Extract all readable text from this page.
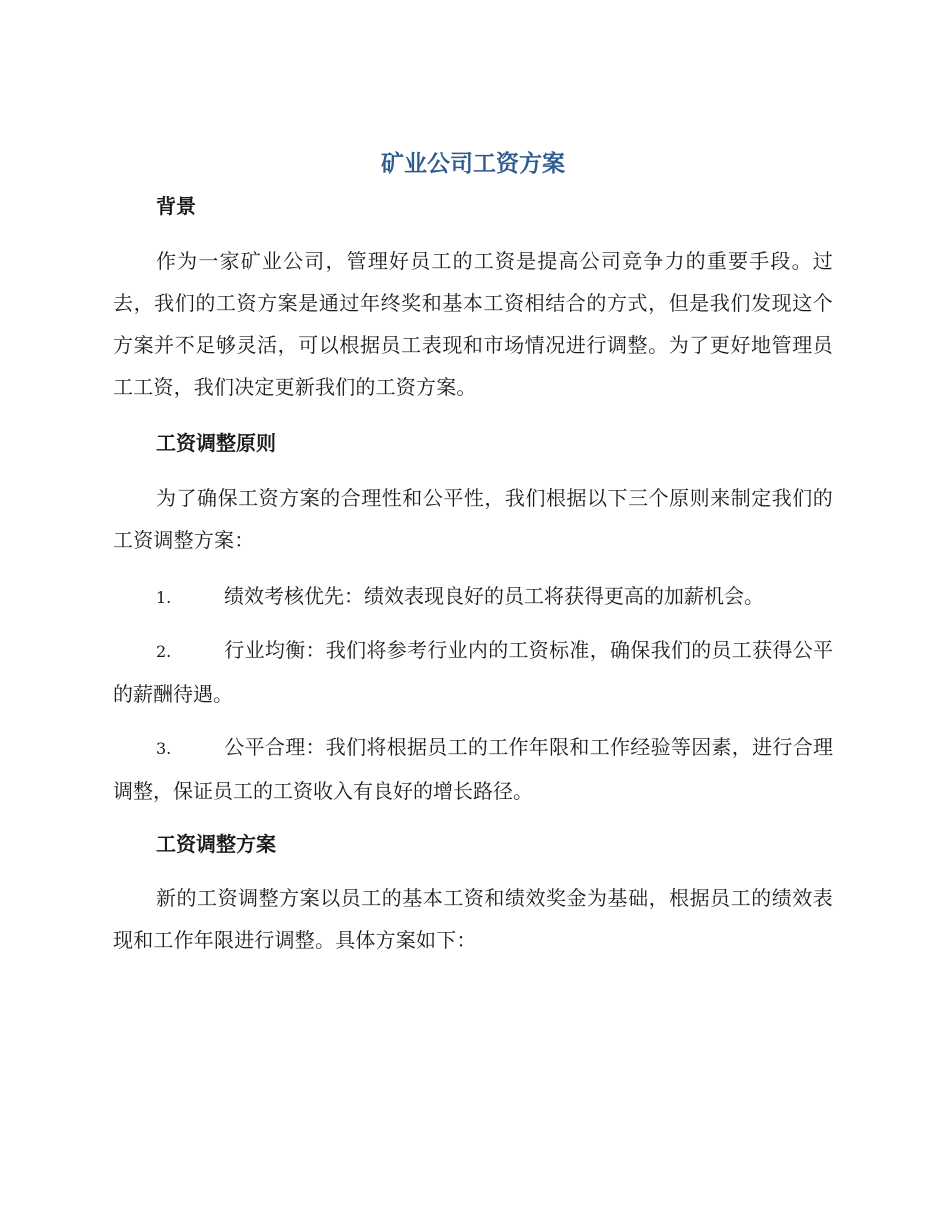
矿业公司工资方案
背景

作为一家矿业公司，管理好员工的工资是提高公司竞争力的重要手段。过去，我们的工资方案是通过年终奖和基本工资相结合的方式，但是我们发现这个方案并不足够灵活，可以根据员工表现和市场情况进行调整。为了更好地管理员工工资，我们决定更新我们的工资方案。

工资调整原则

为了确保工资方案的合理性和公平性，我们根据以下三个原则来制定我们的工资调整方案：

1.	绩效考核优先：绩效表现良好的员工将获得更高的加薪机会。

2.	行业均衡：我们将参考行业内的工资标准，确保我们的员工获得公平的薪酬待遇。

3.	公平合理：我们将根据员工的工作年限和工作经验等因素，进行合理调整，保证员工的工资收入有良好的增长路径。

工资调整方案

新的工资调整方案以员工的基本工资和绩效奖金为基础，根据员工的绩效表现和工作年限进行调整。具体方案如下：
